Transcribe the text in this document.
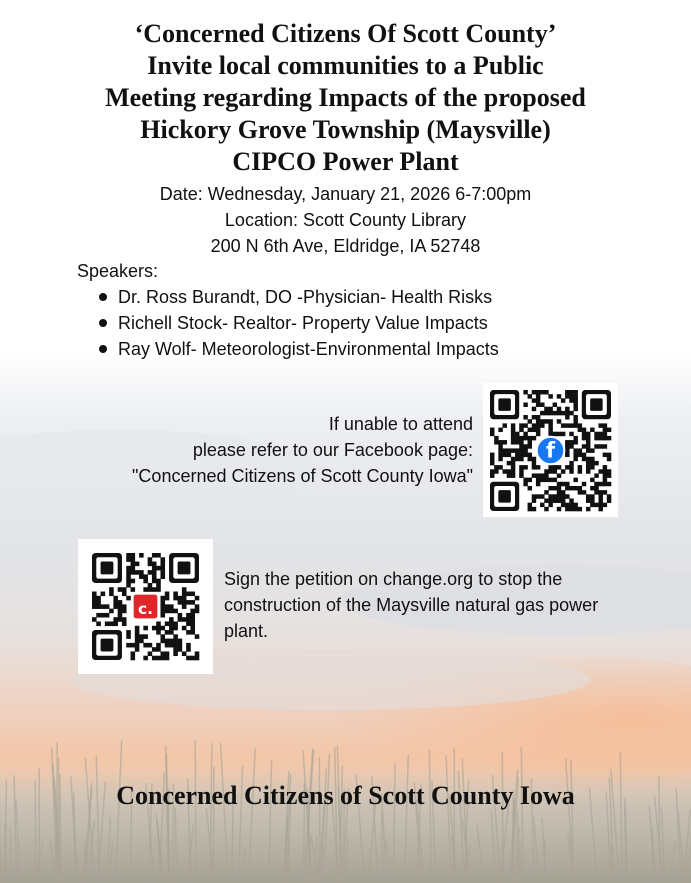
‘Concerned Citizens Of Scott County’
Invite local communities to a Public
Meeting regarding Impacts of the proposed
Hickory Grove Township (Maysville)
CIPCO Power Plant
Date: Wednesday, January 21, 2026 6-7:00pm
Location: Scott County Library
200 N 6th Ave, Eldridge, IA 52748
Speakers:
Dr. Ross Burandt, DO -Physician- Health Risks
Richell Stock- Realtor- Property Value Impacts
Ray Wolf- Meteorologist-Environmental Impacts
If unable to attend
please refer to our Facebook page:
"Concerned Citizens of Scott County Iowa"
f
c.
Sign the petition on change.org to stop the construction of the Maysville natural gas power plant.
Concerned Citizens of Scott County Iowa
